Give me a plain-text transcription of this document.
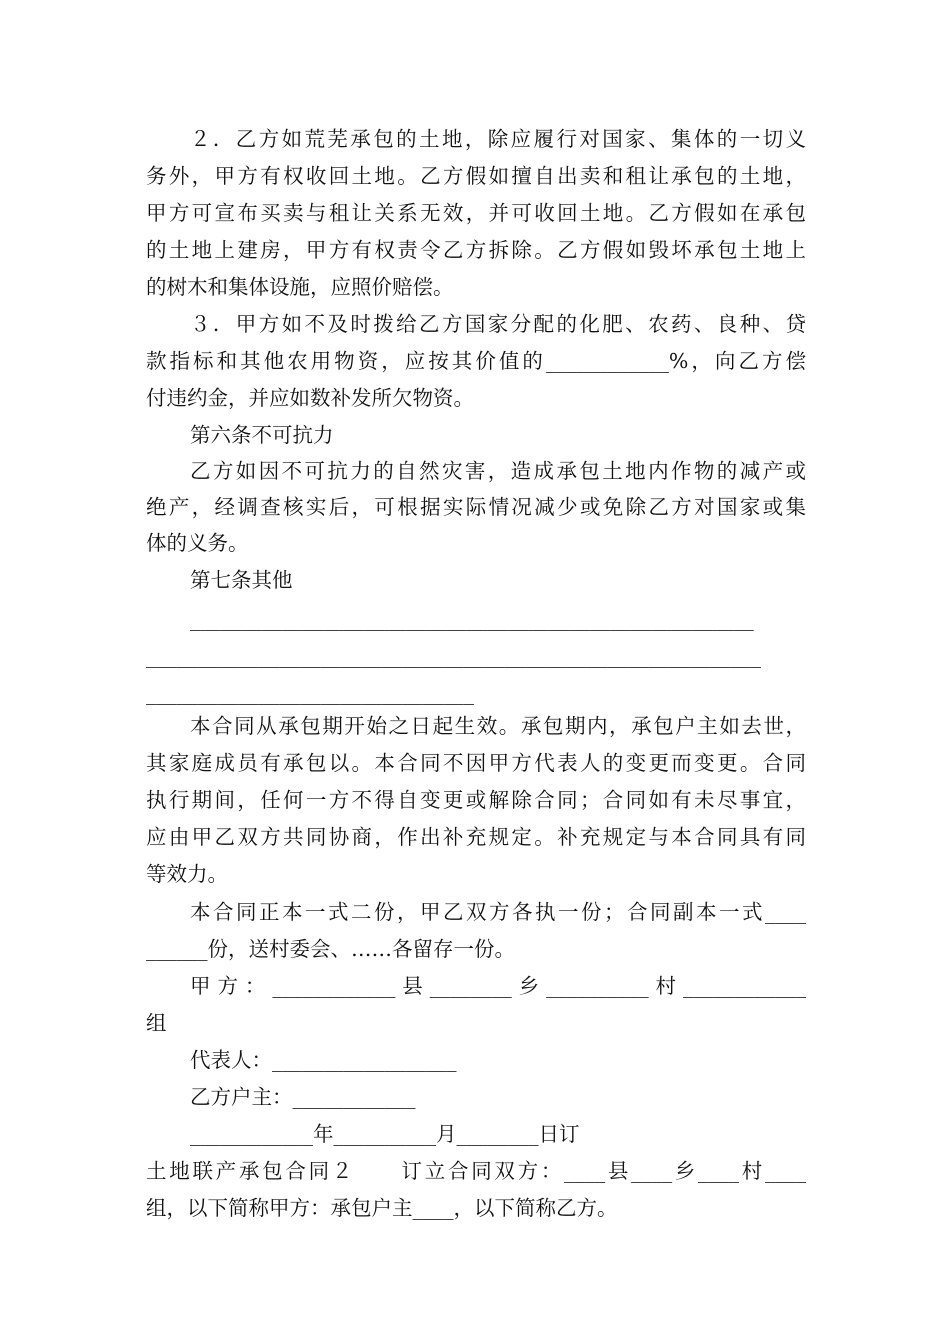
２．乙方如荒芜承包的土地，除应履行对国家、集体的一切义
务外，甲方有权收回土地。乙方假如擅自出卖和租让承包的土地，
甲方可宣布买卖与租让关系无效，并可收回土地。乙方假如在承包
的土地上建房，甲方有权责令乙方拆除。乙方假如毁坏承包土地上
的树木和集体设施，应照价赔偿。
３．甲方如不及时拨给乙方国家分配的化肥、农药、良种、贷
款指标和其他农用物资，应按其价值的____________%，向乙方偿
付违约金，并应如数补发所欠物资。
第六条不可抗力
乙方如因不可抗力的自然灾害，造成承包土地内作物的减产或
绝产，经调查核实后，可根据实际情况减少或免除乙方对国家或集
体的义务。
第七条其他
_______________________________________________________
____________________________________________________________
________________________________
本合同从承包期开始之日起生效。承包期内，承包户主如去世，
其家庭成员有承包以。本合同不因甲方代表人的变更而变更。合同
执行期间，任何一方不得自变更或解除合同；合同如有未尽事宜，
应由甲乙双方共同协商，作出补充规定。补充规定与本合同具有同
等效力。
本合同正本一式二份，甲乙双方各执一份；合同副本一式____
______份，送村委会、……各留存一份。
甲方：____________县________乡__________村____________
组
代表人：__________________
乙方户主：____________
____________年__________月________日订
土地联产承包合同２　　订立合同双方：____县____乡____村____
组，以下简称甲方：承包户主____，以下简称乙方。
